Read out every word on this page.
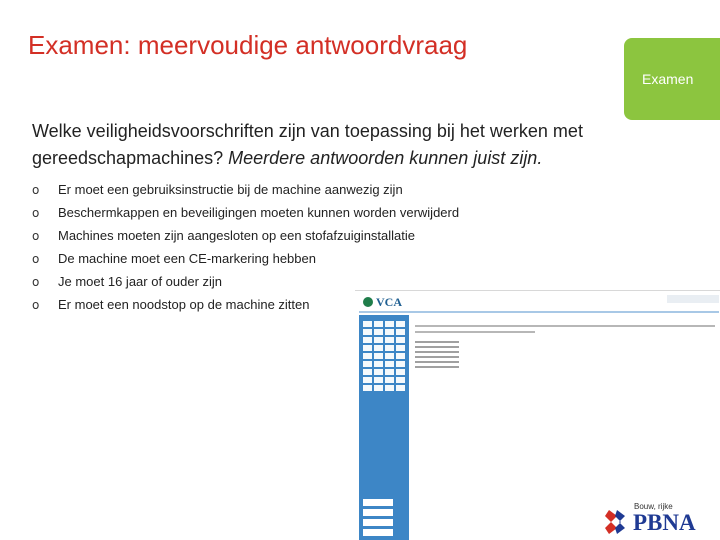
Examen: meervoudige antwoordvraag
Examen
Welke veiligheidsvoorschriften zijn van toepassing bij het werken met gereedschapmachines? Meerdere antwoorden kunnen juist zijn.
o	Er moet een gebruiksinstructie bij de machine aanwezig zijn
o	Beschermkappen en beveiligingen moeten kunnen worden verwijderd
o	Machines moeten zijn aangesloten op een stofafzuiginstallatie
o	De machine moet een CE-markering hebben
o	Je moet 16 jaar of ouder zijn
o	Er moet een noodstop op de machine zitten	VCA
Bouw, rijke
PBNA
